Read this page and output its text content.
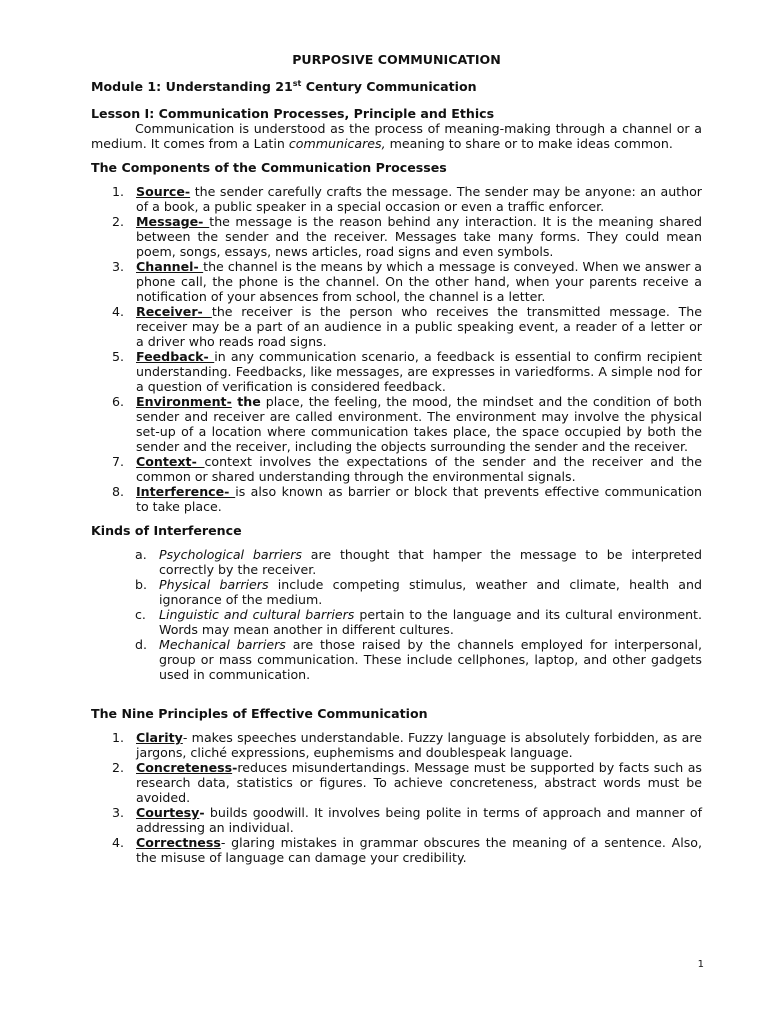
PURPOSIVE COMMUNICATION

Module 1: Understanding 21st Century Communication

Lesson I: Communication Processes, Principle and Ethics

Communication is understood as the process of meaning-making through a channel or a medium. It comes from a Latin communicares, meaning to share or to make ideas common.

The Components of the Communication Processes
1. Source- the sender carefully crafts the message. The sender may be anyone: an author of a book, a public speaker in a special occasion or even a traffic enforcer.
2. Message- the message is the reason behind any interaction. It is the meaning shared between the sender and the receiver. Messages take many forms. They could mean poem, songs, essays, news articles, road signs and even symbols.
3. Channel- the channel is the means by which a message is conveyed. When we answer a phone call, the phone is the channel. On the other hand, when your parents receive a notification of your absences from school, the channel is a letter.
4. Receiver- the receiver is the person who receives the transmitted message. The receiver may be a part of an audience in a public speaking event, a reader of a letter or a driver who reads road signs.
5. Feedback- in any communication scenario, a feedback is essential to confirm recipient understanding. Feedbacks, like messages, are expresses in variedforms. A simple nod for a question of verification is considered feedback.
6. Environment- the place, the feeling, the mood, the mindset and the condition of both sender and receiver are called environment. The environment may involve the physical set-up of a location where communication takes place, the space occupied by both the sender and the receiver, including the objects surrounding the sender and the receiver.
7. Context- context involves the expectations of the sender and the receiver and the common or shared understanding through the environmental signals.
8. Interference- is also known as barrier or block that prevents effective communication to take place.
Kinds of Interference
a. Psychological barriers are thought that hamper the message to be interpreted correctly by the receiver.
b. Physical barriers include competing stimulus, weather and climate, health and ignorance of the medium.
c. Linguistic and cultural barriers pertain to the language and its cultural environment. Words may mean another in different cultures.
d. Mechanical barriers are those raised by the channels employed for interpersonal, group or mass communication. These include cellphones, laptop, and other gadgets used in communication.
The Nine Principles of Effective Communication
1. Clarity- makes speeches understandable. Fuzzy language is absolutely forbidden, as are jargons, cliché expressions, euphemisms and doublespeak language.
2. Concreteness-reduces misundertandings. Message must be supported by facts such as research data, statistics or figures. To achieve concreteness, abstract words must be avoided.
3. Courtesy- builds goodwill. It involves being polite in terms of approach and manner of addressing an individual.
4. Correctness- glaring mistakes in grammar obscures the meaning of a sentence. Also, the misuse of language can damage your credibility.
1
